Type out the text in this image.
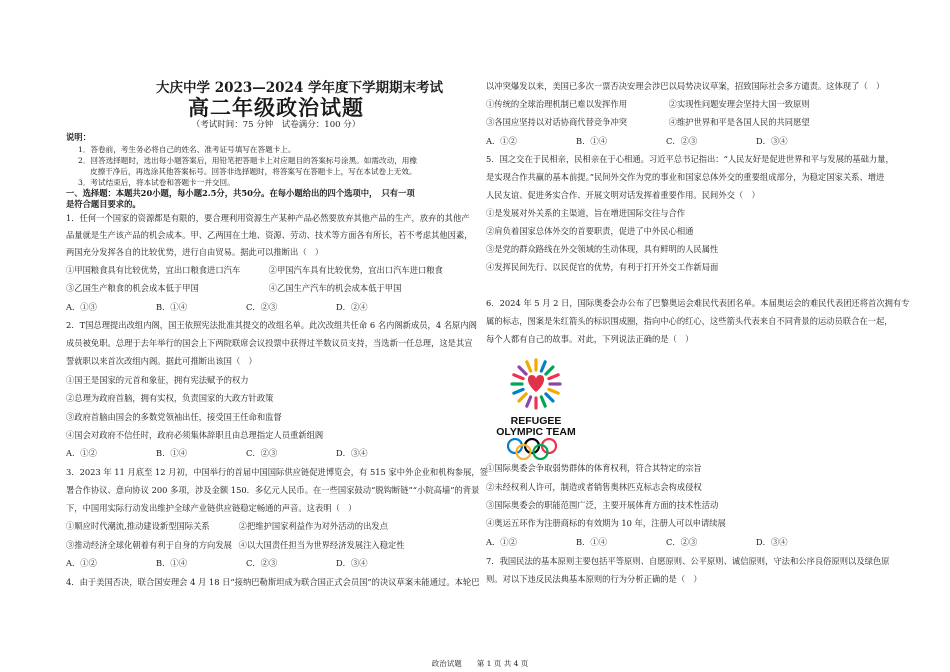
大庆中学 2023—2024 学年度下学期期末考试
高二年级政治试题
（考试时间：75 分钟　试卷满分：100 分）
说明：
1．答卷前，考生务必将自己的姓名、准考证号填写在答题卡上。
2．回答选择题时，选出每小题答案后，用铅笔把答题卡上对应题目的答案标号涂黑。如需改动，用橡
皮擦干净后，再选涂其他答案标号。回答非选择题时，将答案写在答题卡上，写在本试卷上无效。
3．考试结束后，将本试卷和答题卡一并交回。
一、选择题：本题共20小题，每小题2.5分，共50分。在每小题给出的四个选项中，　只有一项
是符合题目要求的。
1．任何一个国家的资源都是有限的，要合理利用资源生产某种产品必然要放弃其他产品的生产，放弃的其他产
品量就是生产该产品的机会成本。甲、乙两国在土地、资源、劳动、技术等方面各有所长，若不考虑其他因素，
两国充分发挥各自的比较优势，进行自由贸易。据此可以推断出（　）
①甲国粮食具有比较优势，宜出口粮食进口汽车	②甲国汽车具有比较优势，宜出口汽车进口粮食
③乙国生产粮食的机会成本低于甲国	④乙国生产汽车的机会成本低于甲国
A．①③	B．①④	C．②③	D．②④
2．T国总理提出改组内阁，国王依照宪法批准其提交的改组名单。此次改组共任命 6 名内阁新成员，4 名原内阁
成员被免职。总理于去年举行的国会上下两院联席会议投票中获得过半数议员支持，当选新一任总理，这是其宣
誓就职以来首次改组内阁。据此可推断出该国（　）
①国王是国家的元首和象征，拥有宪法赋予的权力
②总理为政府首脑，拥有实权，负责国家的大政方针政策
③政府首脑由国会的多数党领袖出任，接受国王任命和监督
④国会对政府不信任时，政府必须集体辞职且由总理指定人员重新组阁
A．①②	B．①④	C．②③	D．③④
3．2023 年 11 月底至 12 月初，中国举行的首届中国国际供应链促进博览会，有 515 家中外企业和机构参展，签
署合作协议、意向协议 200 多项，涉及金额 150．多亿元人民币。在一些国家鼓动“脱钩断链”“小院高墙”的背景
下，中国用实际行动发出维护全球产业链供应链稳定畅通的声音。这表明（　）
①顺应时代潮流,推动建设新型国际关系	②把维护国家利益作为对外活动的出发点
③推动经济全球化朝着有利于自身的方向发展 ④以大国责任担当为世界经济发展注入稳定性
A．①②	B．①④	C．②③	D．③④
4．由于美国否决，联合国安理会 4 月 18 日“接纳巴勒斯坦成为联合国正式会员国”的决议草案未能通过。本轮巴
以冲突爆发以来，美国已多次一票否决安理会涉巴以局势决议草案，招致国际社会多方谴责。这体现了（　）
①传统的全球治理机制已难以发挥作用	②实现性问题安理会坚持大国一致原则
③各国应坚持以对话协商代替竞争冲突	④维护世界和平是各国人民的共同愿望
A．①②	B．①④	C．②③	D．③④
5．国之交在于民相亲，民相亲在于心相通。习近平总书记指出：“人民友好是促进世界和平与发展的基础力量，
是实现合作共赢的基本前提。”民间外交作为党的事业和国家总体外交的重要组成部分，为稳定国家关系、增进
人民友谊、促进务实合作、开展文明对话发挥着重要作用。民间外交（　）
①是发展对外关系的主渠道，旨在增进国际交往与合作
②肩负着国家总体外交的首要职责，促进了中外民心相通
③是党的群众路线在外交领域的生动体现，具有鲜明的人民属性
④发挥民间先行、以民促官的优势，有利于打开外交工作新局面
6．2024 年 5 月 2 日，国际奥委会办公布了巴黎奥运会难民代表团名单。本届奥运会的难民代表团还将首次拥有专
属的标志，图案是朱红箭头的标识围成圈，指向中心的红心，这些箭头代表来自不同背景的运动员联合在一起，
每个人都有自己的故事。对此，下列说法正确的是（　）
REFUGEE
OLYMPIC TEAM
①国际奥委会争取弱势群体的体育权利，符合其特定的宗旨
②未经权利人许可，制造或者销售奥林匹克标志会构成侵权
③国际奥委会的职能范围广泛，主要开展体育方面的技术性活动
④奥运五环作为注册商标的有效期为 10 年，注册人可以申请续展
A．①②	B．①④	C．②③	D．③④
7．我国民法的基本原则主要包括平等原则、自愿原则、公平原则、诚信原则，守法和公序良俗原则以及绿色原
则。对以下违反民法典基本原则的行为分析正确的是（　）
政治试题　　第 1 页 共 4 页
